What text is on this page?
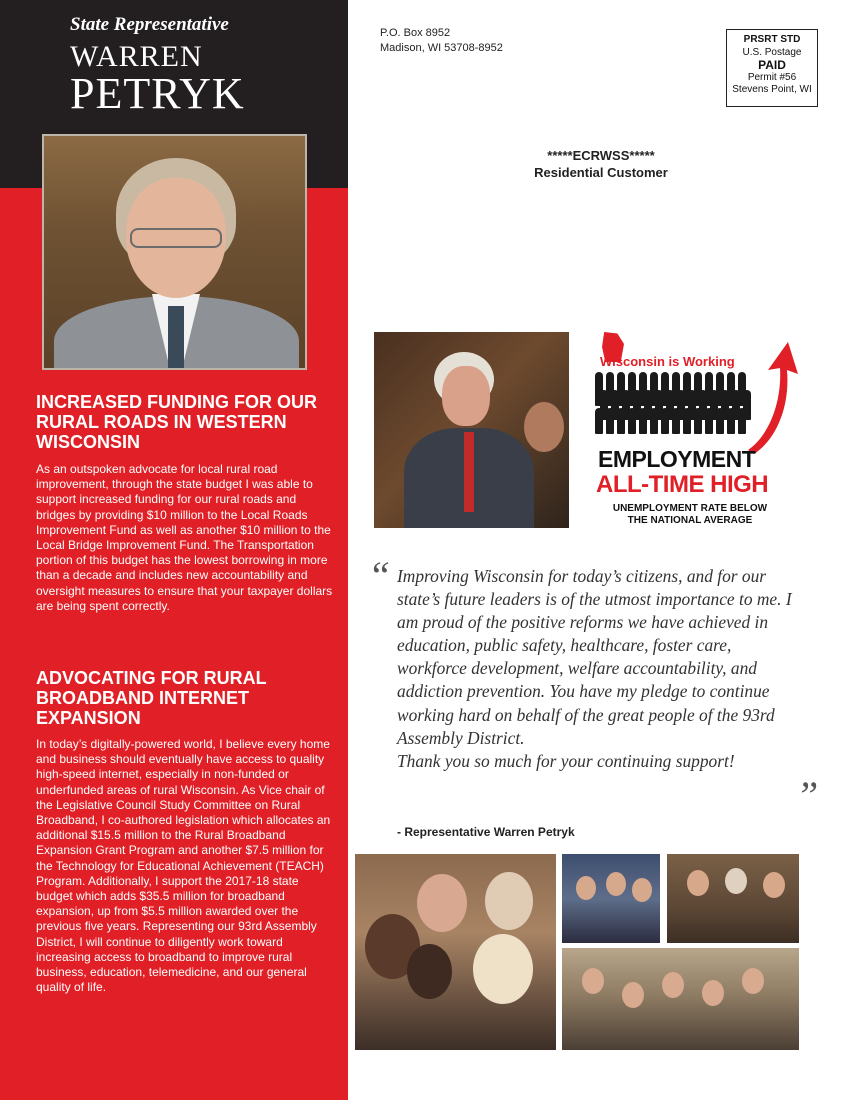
State Representative
WARREN
PETRYK
INCREASED FUNDING FOR OUR RURAL ROADS IN WESTERN WISCONSIN
As an outspoken advocate for local rural road improvement, through the state budget I was able to support increased funding for our rural roads and bridges by providing $10 million to the Local Roads Improvement Fund as well as another $10 million to the Local Bridge Improvement Fund. The Transportation portion of this budget has the lowest borrowing in more than a decade and includes new accountability and oversight measures to ensure that your taxpayer dollars are being spent correctly.
ADVOCATING FOR RURAL BROADBAND INTERNET EXPANSION
In today’s digitally-powered world, I believe every home and business should eventually have access to quality high-speed internet, especially in non-funded or underfunded areas of rural Wisconsin. As Vice chair of the Legislative Council Study Committee on Rural Broadband, I co-authored legislation which allocates an additional $15.5 million to the Rural Broadband Expansion Grant Program and another $7.5 million for the Technology for Educational Achievement (TEACH) Program. Additionally, I support the 2017-18 state budget which adds $35.5 million for broadband expansion, up from $5.5 million awarded over the previous five years. Representing our 93rd Assembly District, I will continue to diligently work toward increasing access to broadband to improve rural business, education, telemedicine, and our general quality of life.
P.O. Box 8952
Madison, WI 53708-8952
PRSRT STD
U.S. Postage
PAID
Permit #56
Stevens Point, WI
*****ECRWSS*****
Residential Customer
Wisconsin is Working
EMPLOYMENT
ALL-TIME HIGH
UNEMPLOYMENT RATE BELOW
THE NATIONAL AVERAGE
“ Improving Wisconsin for today’s citizens, and for our state’s future leaders is of the utmost importance to me. I am proud of the positive reforms we have achieved in education, public safety, healthcare, foster care, workforce development, welfare accountability, and addiction prevention. You have my pledge to continue working hard on behalf of the great people of the 93rd Assembly District.
Thank you so much for your continuing support!
”
- Representative Warren Petryk
